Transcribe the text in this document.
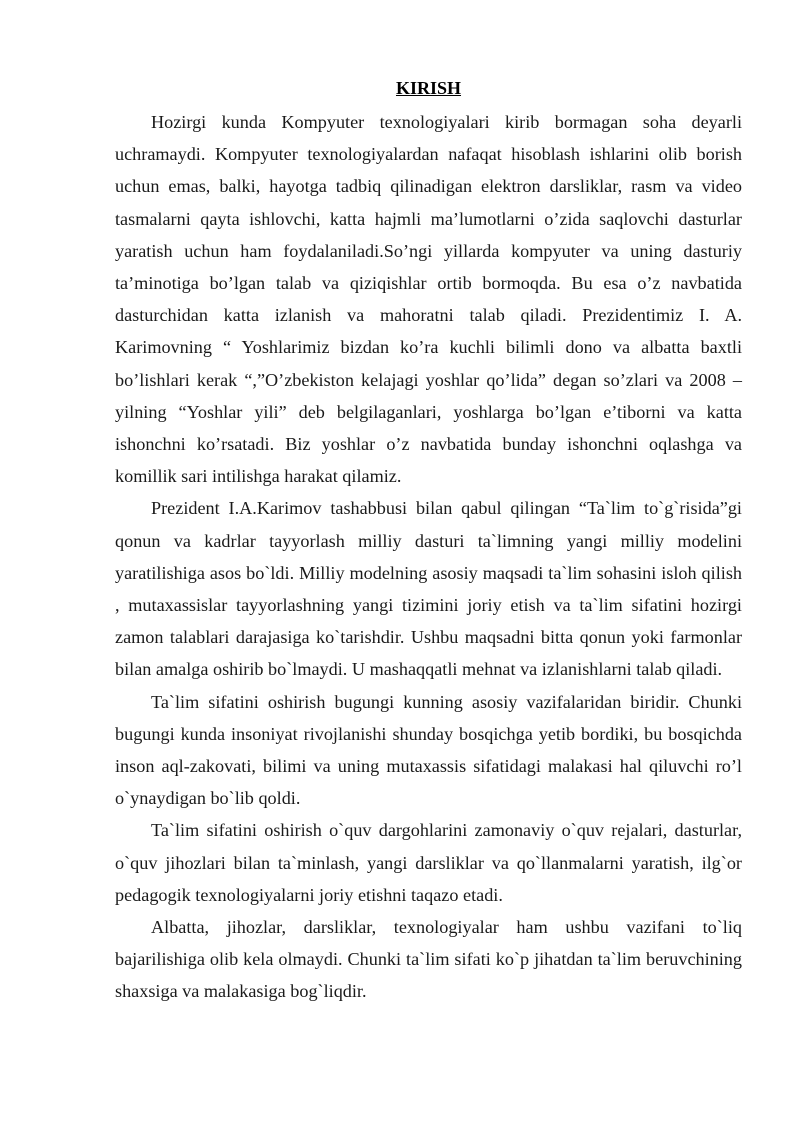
KIRISH

Hozirgi kunda Kompyuter texnologiyalari kirib bormagan soha deyarli uchramaydi. Kompyuter texnologiyalardan nafaqat hisoblash ishlarini olib borish uchun emas, balki, hayotga tadbiq qilinadigan elektron darsliklar, rasm va video tasmalarni qayta ishlovchi, katta hajmli ma’lumotlarni o’zida saqlovchi dasturlar yaratish uchun ham foydalaniladi.So’ngi yillarda kompyuter va uning dasturiy ta’minotiga bo’lgan talab va qiziqishlar ortib bormoqda. Bu esa o’z navbatida dasturchidan katta izlanish va mahoratni talab qiladi. Prezidentimiz I. A. Karimovning “ Yoshlarimiz bizdan ko’ra kuchli bilimli dono va albatta baxtli bo’lishlari kerak “,”O’zbekiston kelajagi yoshlar qo’lida” degan so’zlari va 2008 – yilning “Yoshlar yili” deb belgilaganlari, yoshlarga bo’lgan e’tiborni va katta ishonchni ko’rsatadi. Biz yoshlar o’z navbatida bunday ishonchni oqlashga va komillik sari intilishga harakat qilamiz.

Prezident I.A.Karimov tashabbusi bilan qabul qilingan “Ta`lim to`g`risida”gi qonun va kadrlar tayyorlash milliy dasturi ta`limning yangi milliy modelini yaratilishiga asos bo`ldi. Milliy modelning asosiy maqsadi ta`lim sohasini isloh qilish , mutaxassislar tayyorlashning yangi tizimini joriy etish va ta`lim sifatini hozirgi zamon talablari darajasiga ko`tarishdir. Ushbu maqsadni bitta qonun yoki farmonlar bilan amalga oshirib bo`lmaydi. U mashaqqatli mehnat va izlanishlarni talab qiladi.

Ta`lim sifatini oshirish bugungi kunning asosiy vazifalaridan biridir. Chunki bugungi kunda insoniyat rivojlanishi shunday bosqichga yetib bordiki, bu bosqichda inson aql-zakovati, bilimi va uning mutaxassis sifatidagi malakasi hal qiluvchi ro’l o`ynaydigan bo`lib qoldi.

Ta`lim sifatini oshirish o`quv dargohlarini zamonaviy o`quv rejalari, dasturlar, o`quv jihozlari bilan ta`minlash, yangi darsliklar va qo`llanmalarni yaratish, ilg`or pedagogik texnologiyalarni joriy etishni taqazo etadi.

Albatta, jihozlar, darsliklar, texnologiyalar ham ushbu vazifani to`liq bajarilishiga olib kela olmaydi. Chunki ta`lim sifati ko`p jihatdan ta`lim beruvchining shaxsiga va malakasiga bog`liqdir.
